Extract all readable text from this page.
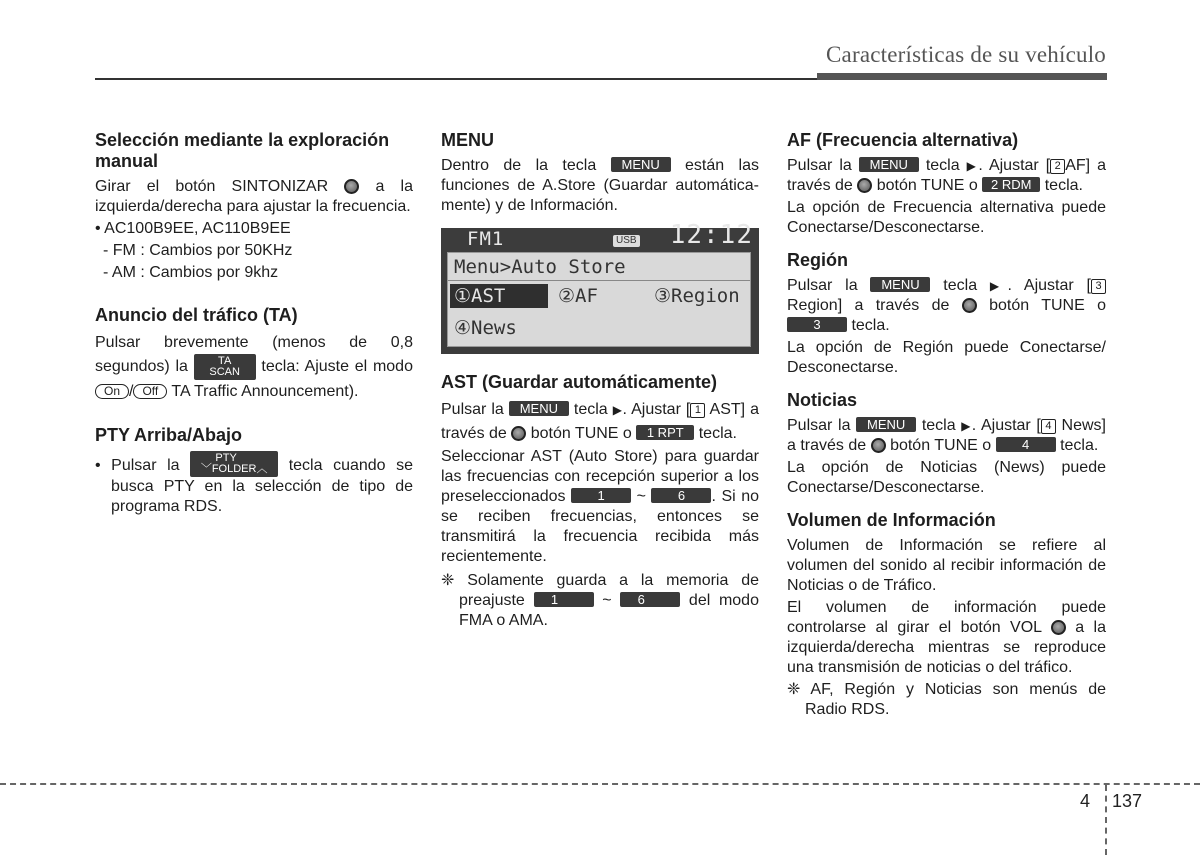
Características de su vehículo
Selección mediante la exploración manual

Girar el botón SINTONIZAR	a la izquierda/derecha para ajustar la frecuencia.

• AC100B9EE, AC110B9EE

- FM : Cambios por 50KHz

- AM : Cambios por 9khz

Anuncio del tráfico (TA)

Pulsar brevemente (menos de 0,8 segundos) la	TA
SCAN tecla: Ajuste el modo On / Off TA Traffic Announcement).

PTY Arriba/Abajo

• Pulsar la	PTY
﹀FOLDER︿ tecla cuando se busca PTY en la selección de tipo de programa RDS.

MENU

Dentro de la tecla MENU están las funciones de A.Store (Guardar automática-mente) y de Información.

FM1	USB 12:12
Menu>Auto Store
①AST	②AF	③Region
④News
AST (Guardar automáticamente)

Pulsar la MENU tecla ▶. Ajustar [ 1 AST] a través de botón TUNE o 1 RPT tecla.

Seleccionar AST (Auto Store) para guardar las frecuencias con recepción superior a los preseleccionados 1 ~ 6 . Si no se reciben frecuencias, entonces se transmitirá la frecuencia recibida más recientemente.

❈ Solamente guarda a la memoria de preajuste 1	~ 6	del modo FMA o AMA.

AF (Frecuencia alternativa)

Pulsar la MENU tecla ▶. Ajustar [ 2 AF] a través de botón TUNE o 2 RDM tecla.

La opción de Frecuencia alternativa puede Conectarse/Desconectarse.

Región

Pulsar la MENU tecla ▶. Ajustar [ 3 Region] a través de botón TUNE o 3 tecla.

La opción de Región puede Conectarse/ Desconectarse.

Noticias

Pulsar la MENU tecla ▶. Ajustar [ 4 News] a través de botón TUNE o 4 tecla.

La opción de Noticias (News) puede Conectarse/Desconectarse.

Volumen de Información

Volumen de Información se refiere al volumen del sonido al recibir información de Noticias o de Tráfico.

El volumen de información puede controlarse al girar el botón VOL a la izquierda/derecha mientras se reproduce una transmisión de noticias o del tráfico.

❈ AF, Región y Noticias son menús de Radio RDS.

4 137
